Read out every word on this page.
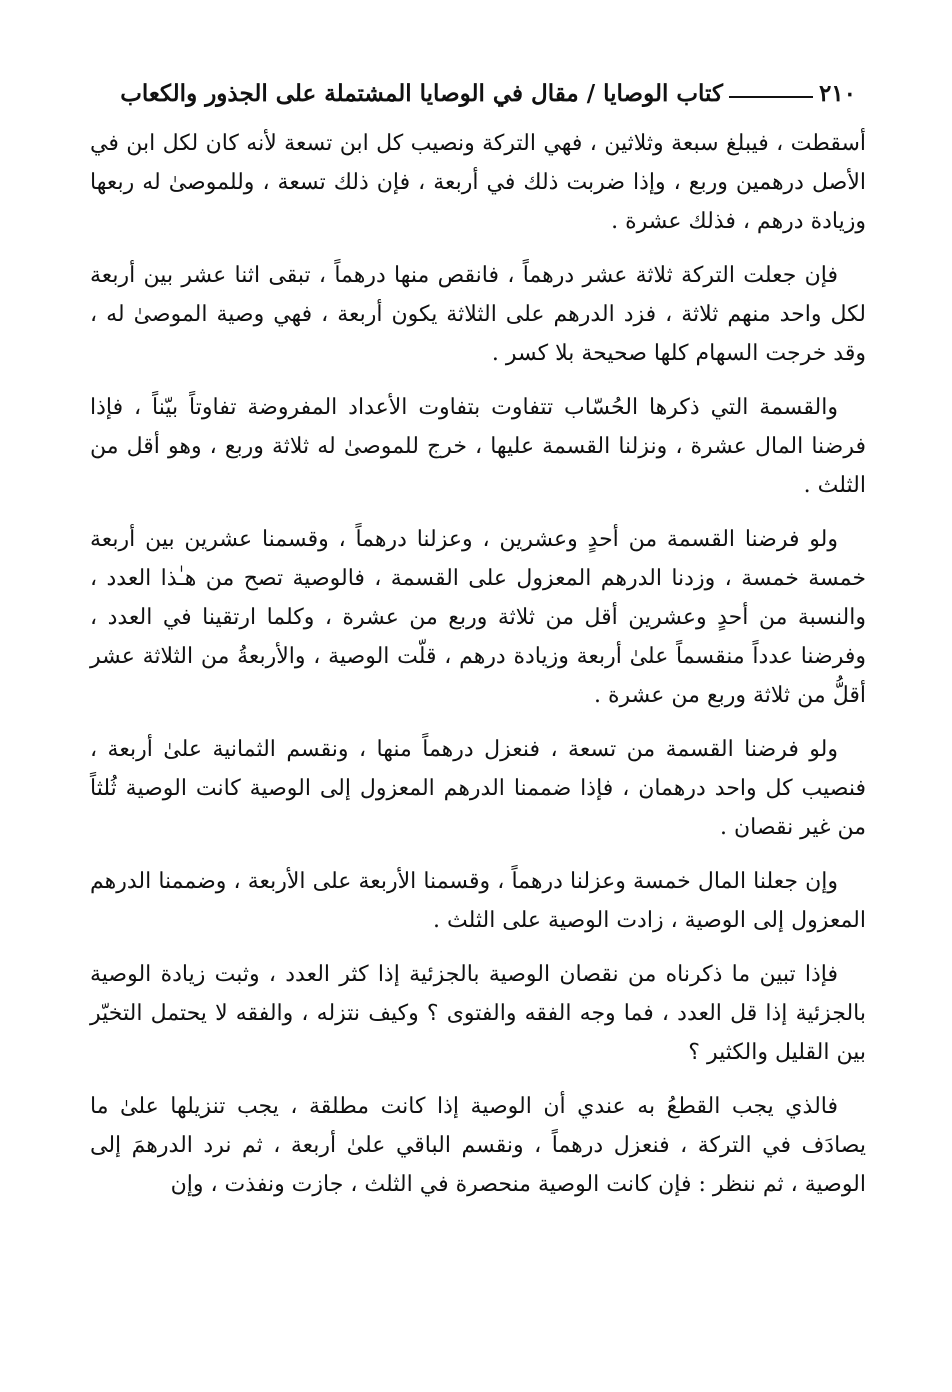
٢١٠
كتاب الوصايا / مقال في الوصايا المشتملة على الجذور والكعاب

أسقطت ، فيبلغ سبعة وثلاثين ، فهي التركة ونصيب كل ابن تسعة لأنه كان لكل ابن في الأصل درهمين وربع ، وإذا ضربت ذلك في أربعة ، فإن ذلك تسعة ، وللموصىٰ له ربعها وزيادة درهم ، فذلك عشرة .

فإن جعلت التركة ثلاثة عشر درهماً ، فانقص منها درهماً ، تبقى اثنا عشر بين أربعة لكل واحد منهم ثلاثة ، فزد الدرهم على الثلاثة يكون أربعة ، فهي وصية الموصىٰ له ، وقد خرجت السهام كلها صحيحة بلا كسر .

والقسمة التي ذكرها الحُسّاب تتفاوت بتفاوت الأعداد المفروضة تفاوتاً بيّناً ، فإذا فرضنا المال عشرة ، ونزلنا القسمة عليها ، خرج للموصىٰ له ثلاثة وربع ، وهو أقل من الثلث .

ولو فرضنا القسمة من أحدٍ وعشرين ، وعزلنا درهماً ، وقسمنا عشرين بين أربعة خمسة خمسة ، وزدنا الدرهم المعزول على القسمة ، فالوصية تصح من هـٰذا العدد ، والنسبة من أحدٍ وعشرين أقل من ثلاثة وربع من عشرة ، وكلما ارتقينا في العدد ، وفرضنا عدداً منقسماً علىٰ أربعة وزيادة درهم ، قلّت الوصية ، والأربعةُ من الثلاثة عشر أقلُّ من ثلاثة وربع من عشرة .

ولو فرضنا القسمة من تسعة ، فنعزل درهماً منها ، ونقسم الثمانية علىٰ أربعة ، فنصيب كل واحد درهمان ، فإذا ضممنا الدرهم المعزول إلى الوصية كانت الوصية ثُلثاً من غير نقصان .

وإن جعلنا المال خمسة وعزلنا درهماً ، وقسمنا الأربعة على الأربعة ، وضممنا الدرهم المعزول إلى الوصية ، زادت الوصية على الثلث .

فإذا تبين ما ذكرناه من نقصان الوصية بالجزئية إذا كثر العدد ، وثبت زيادة الوصية بالجزئية إذا قل العدد ، فما وجه الفقه والفتوى ؟ وكيف نتزله ، والفقه لا يحتمل التخيّر بين القليل والكثير ؟

فالذي يجب القطعُ به عندي أن الوصية إذا كانت مطلقة ، يجب تنزيلها علىٰ ما يصادَف في التركة ، فنعزل درهماً ، ونقسم الباقي علىٰ أربعة ، ثم نرد الدرهمَ إلى الوصية ، ثم ننظر : فإن كانت الوصية منحصرة في الثلث ، جازت ونفذت ، وإن
